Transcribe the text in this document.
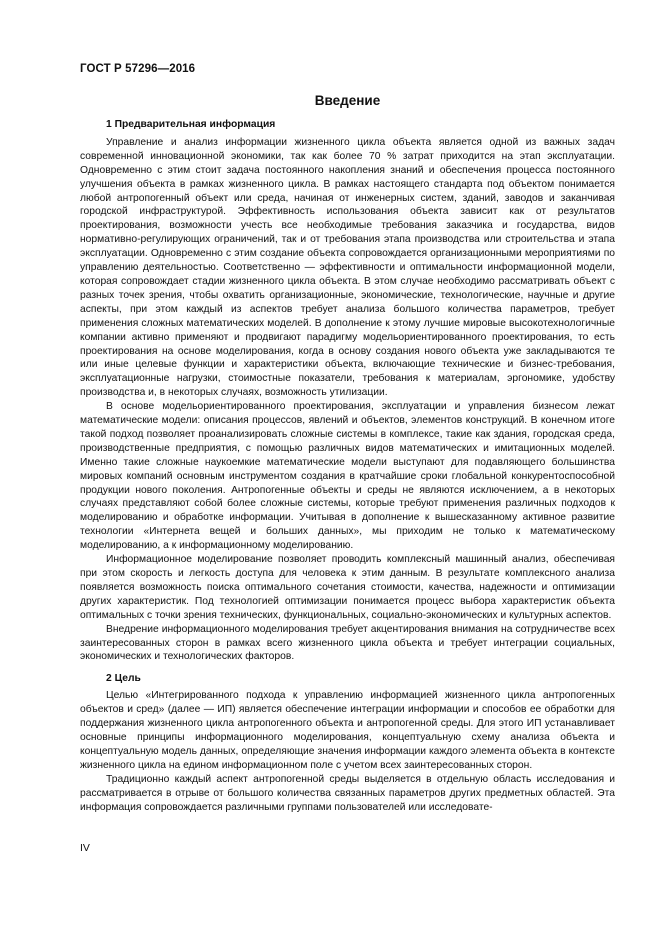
ГОСТ Р 57296—2016
Введение
1 Предварительная информация

Управление и анализ информации жизненного цикла объекта является одной из важных задач современной инновационной экономики, так как более 70 % затрат приходится на этап эксплуатации. Одновременно с этим стоит задача постоянного накопления знаний и обеспечения процесса постоянного улучшения объекта в рамках жизненного цикла. В рамках настоящего стандарта под объектом понимается любой антропогенный объект или среда, начиная от инженерных систем, зданий, заводов и заканчивая городской инфраструктурой. Эффективность использования объекта зависит как от результатов проектирования, возможности учесть все необходимые требования заказчика и государства, видов нормативно-регулирующих ограничений, так и от требования этапа производства или строительства и этапа эксплуатации. Одновременно с этим создание объекта сопровождается организационными мероприятиями по управлению деятельностью. Соответственно — эффективности и оптимальности информационной модели, которая сопровождает стадии жизненного цикла объекта. В этом случае необходимо рассматривать объект с разных точек зрения, чтобы охватить организационные, экономические, технологические, научные и другие аспекты, при этом каждый из аспектов требует анализа большого количества параметров, требует применения сложных математических моделей. В дополнение к этому лучшие мировые высокотехнологичные компании активно применяют и продвигают парадигму модельориентированного проектирования, то есть проектирования на основе моделирования, когда в основу создания нового объекта уже закладываются те или иные целевые функции и характеристики объекта, включающие технические и бизнес-требования, эксплуатационные нагрузки, стоимостные показатели, требования к материалам, эргономике, удобству производства и, в некоторых случаях, возможность утилизации.

В основе модельориентированного проектирования, эксплуатации и управления бизнесом лежат математические модели: описания процессов, явлений и объектов, элементов конструкций. В конечном итоге такой подход позволяет проанализировать сложные системы в комплексе, такие как здания, городская среда, производственные предприятия, с помощью различных видов математических и имитационных моделей. Именно такие сложные наукоемкие математические модели выступают для подавляющего большинства мировых компаний основным инструментом создания в кратчайшие сроки глобальной конкурентоспособной продукции нового поколения. Антропогенные объекты и среды не являются исключением, а в некоторых случаях представляют собой более сложные системы, которые требуют применения различных подходов к моделированию и обработке информации. Учитывая в дополнение к вышесказанному активное развитие технологии «Интернета вещей и больших данных», мы приходим не только к математическому моделированию, а к информационному моделированию.

Информационное моделирование позволяет проводить комплексный машинный анализ, обеспечивая при этом скорость и легкость доступа для человека к этим данным. В результате комплексного анализа появляется возможность поиска оптимального сочетания стоимости, качества, надежности и оптимизации других характеристик. Под технологией оптимизации понимается процесс выбора характеристик объекта оптимальных с точки зрения технических, функциональных, социально-экономических и культурных аспектов.

Внедрение информационного моделирования требует акцентирования внимания на сотрудничестве всех заинтересованных сторон в рамках всего жизненного цикла объекта и требует интеграции социальных, экономических и технологических факторов.

2 Цель

Целью «Интегрированного подхода к управлению информацией жизненного цикла антропогенных объектов и сред» (далее — ИП) является обеспечение интеграции информации и способов ее обработки для поддержания жизненного цикла антропогенного объекта и антропогенной среды. Для этого ИП устанавливает основные принципы информационного моделирования, концептуальную схему анализа объекта и концептуальную модель данных, определяющие значения информации каждого элемента объекта в контексте жизненного цикла на едином информационном поле с учетом всех заинтересованных сторон.

Традиционно каждый аспект антропогенной среды выделяется в отдельную область исследования и рассматривается в отрыве от большого количества связанных параметров других предметных областей. Эта информация сопровождается различными группами пользователей или исследовате-

IV
